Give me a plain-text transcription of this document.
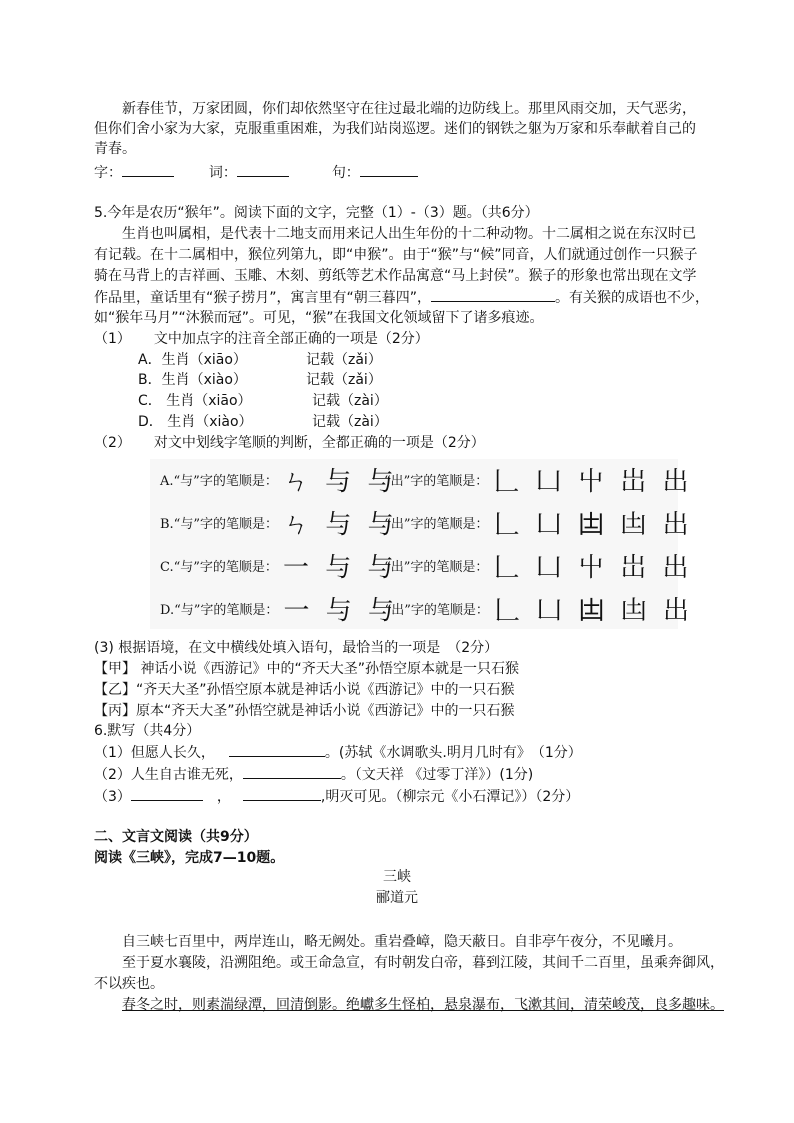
新春佳节，万家团圆，你们却依然坚守在往过最北端的边防线上。那里风雨交加，天气恶劣，
但你们舍小家为大家，克服重重困难，为我们站岗巡逻。迷们的钢铁之躯为万家和乐奉献着自己的
青春。
字：	词：	句：
5.今年是农历“猴年”。阅读下面的文字，完整（1）-（3）题。（共6分）
生肖也叫属相，是代表十二地支而用来记人出生年份的十二种动物。十二属相之说在东汉时已
有记载。在十二属相中，猴位列第九，即“申猴”。由于“猴”与“候”同音，人们就通过创作一只猴子
骑在马背上的吉祥画、玉雕、木刻、剪纸等艺术作品寓意“马上封侯”。猴子的形象也常出现在文学
作品里，童话里有“猴子捞月”，寓言里有“朝三暮四”，	。有关猴的成语也不少，
如“猴年马月”“沐猴而冠”。可见，“猴”在我国文化领域留下了诸多痕迹。
（1） 文中加点字的注音全部正确的一项是（2分）
A．生肖（xiāo）	记载（zǎi）
B．生肖（xiào）	记载（zǎi）
C． 生肖（xiāo）	记载（zài）
D． 生肖（xiào）	记载（zài）
（2） 对文中划线字笔顺的判断，全都正确的一项是（2分）
A.“与”字的笔顺是： ㄣ 与 与 “出”字的笔顺是： 𠃊 凵 屮 岀 出
B.“与”字的笔顺是： ㄣ 与 与 “出”字的笔顺是： 𠃊 凵 𠙽 凷 出
C.“与”字的笔顺是： 一 与 与 “出”字的笔顺是： 𠃊 凵 屮 岀 出
D.“与”字的笔顺是： 一 与 与 “出”字的笔顺是： 𠃊 凵 𠙽 凷 出
(3) 根据语境，在文中横线处填入语句，最恰当的一项是　（2分）
【甲】 神话小说《西游记》中的“齐天大圣”孙悟空原本就是一只石猴
【乙】“齐天大圣”孙悟空原本就是神话小说《西游记》中的一只石猴
【丙】原本“齐天大圣”孙悟空就是神话小说《西游记》中的一只石猴
6.默写（共4分）
（1）但愿人长久，	。(苏轼《水调歌头.明月几时有》　（1分）
（2）人生自古谁无死，	。（文天祥 《过零丁洋》）(1分)
（3）	，	,明灭可见。（柳宗元《小石潭记》）（2分）
二、文言文阅读（共9分）
阅读《三峡》，完成7—10题。
三峡
郦道元
自三峡七百里中，两岸连山，略无阙处。重岩叠嶂，隐天蔽日。自非亭午夜分，不见曦月。
至于夏水襄陵，沿溯阻绝。或王命急宣，有时朝发白帝，暮到江陵，其间千二百里，虽乘奔御风，
不以疾也。
春冬之时，则素湍绿潭，回清倒影。绝巘多生怪柏，悬泉瀑布，飞漱其间，清荣峻茂，良多趣味。
